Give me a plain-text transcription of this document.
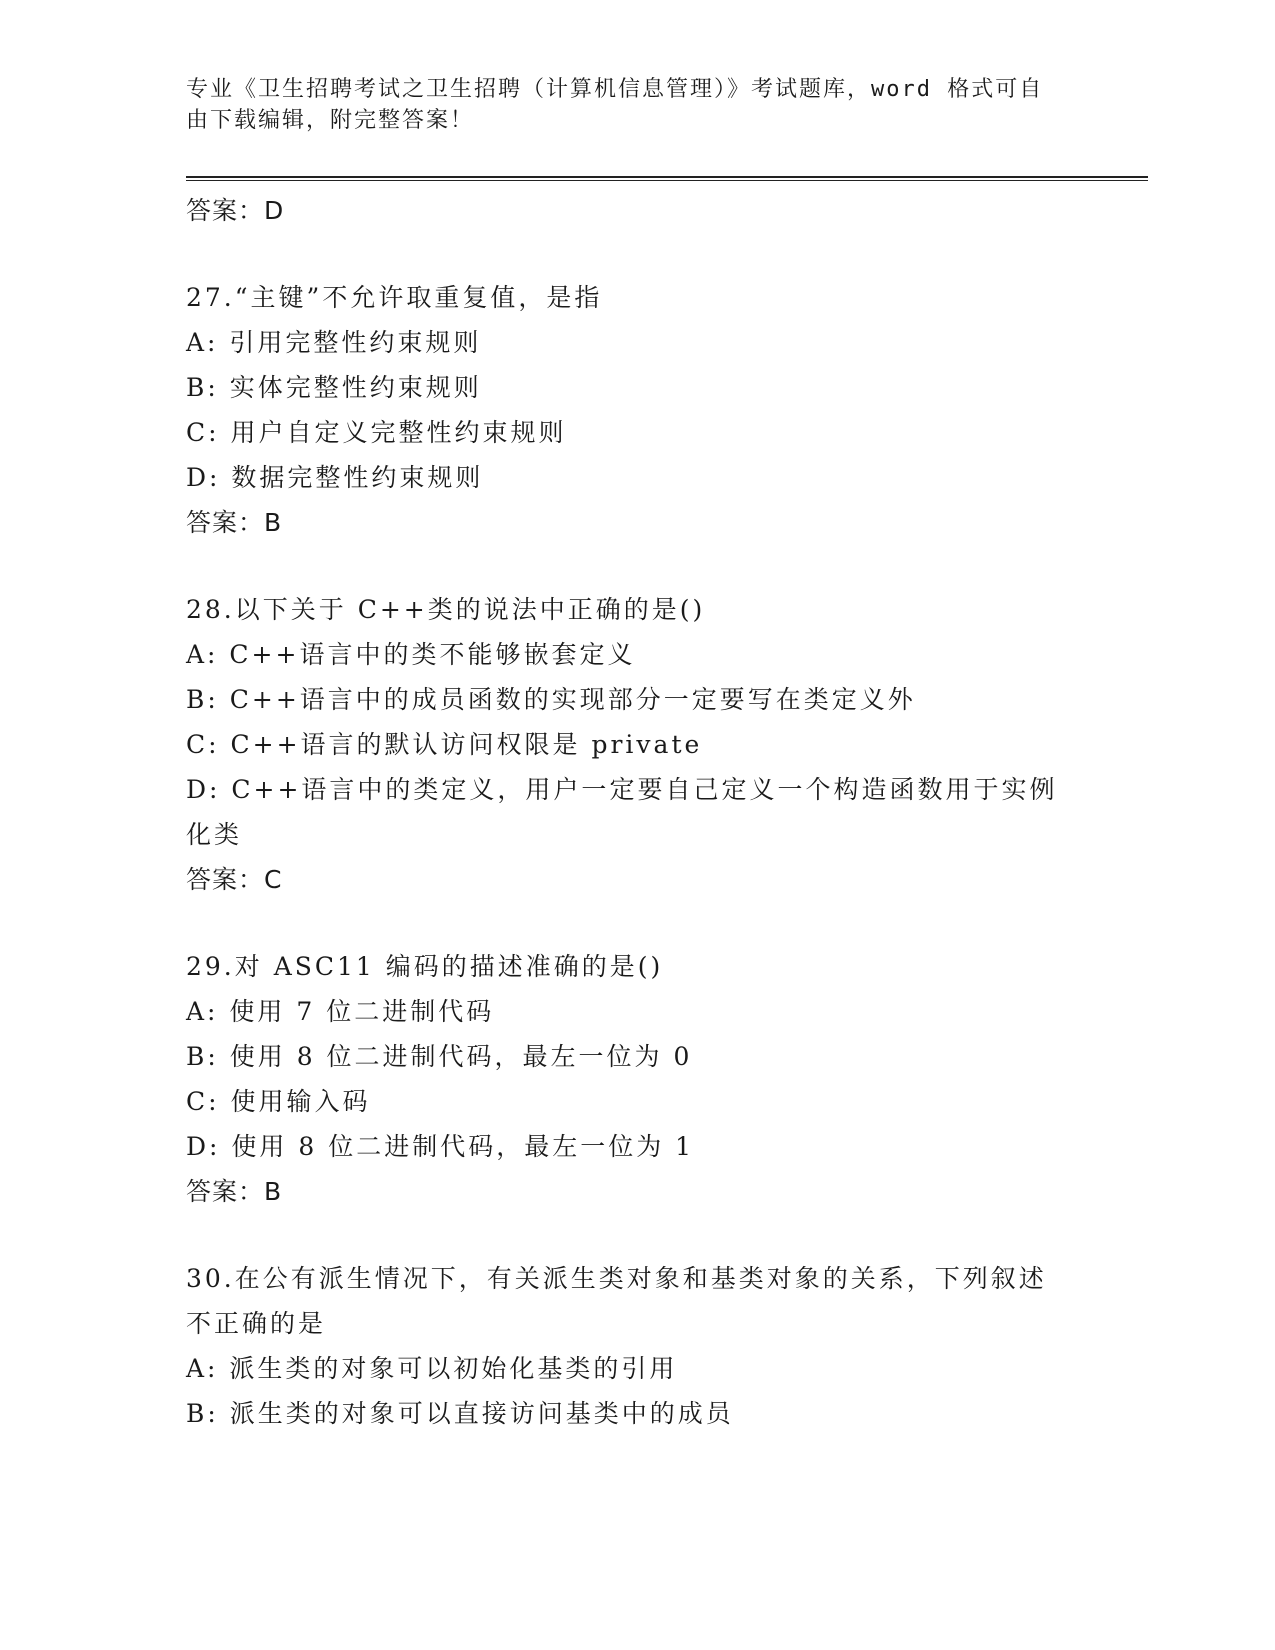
专业《卫生招聘考试之卫生招聘（计算机信息管理）》考试题库，word 格式可自
由下载编辑，附完整答案！
答案：D
27.“主键”不允许取重复值，是指
A: 引用完整性约束规则
B: 实体完整性约束规则
C: 用户自定义完整性约束规则
D: 数据完整性约束规则
答案：B
28.以下关于 C++类的说法中正确的是()
A: C++语言中的类不能够嵌套定义
B: C++语言中的成员函数的实现部分一定要写在类定义外
C: C++语言的默认访问权限是 private
D: C++语言中的类定义，用户一定要自己定义一个构造函数用于实例
化类
答案：C
29.对 ASC11 编码的描述准确的是()
A: 使用 7 位二进制代码
B: 使用 8 位二进制代码，最左一位为 0
C: 使用输入码
D: 使用 8 位二进制代码，最左一位为 1
答案：B
30.在公有派生情况下，有关派生类对象和基类对象的关系，下列叙述
不正确的是
A: 派生类的对象可以初始化基类的引用
B: 派生类的对象可以直接访问基类中的成员
